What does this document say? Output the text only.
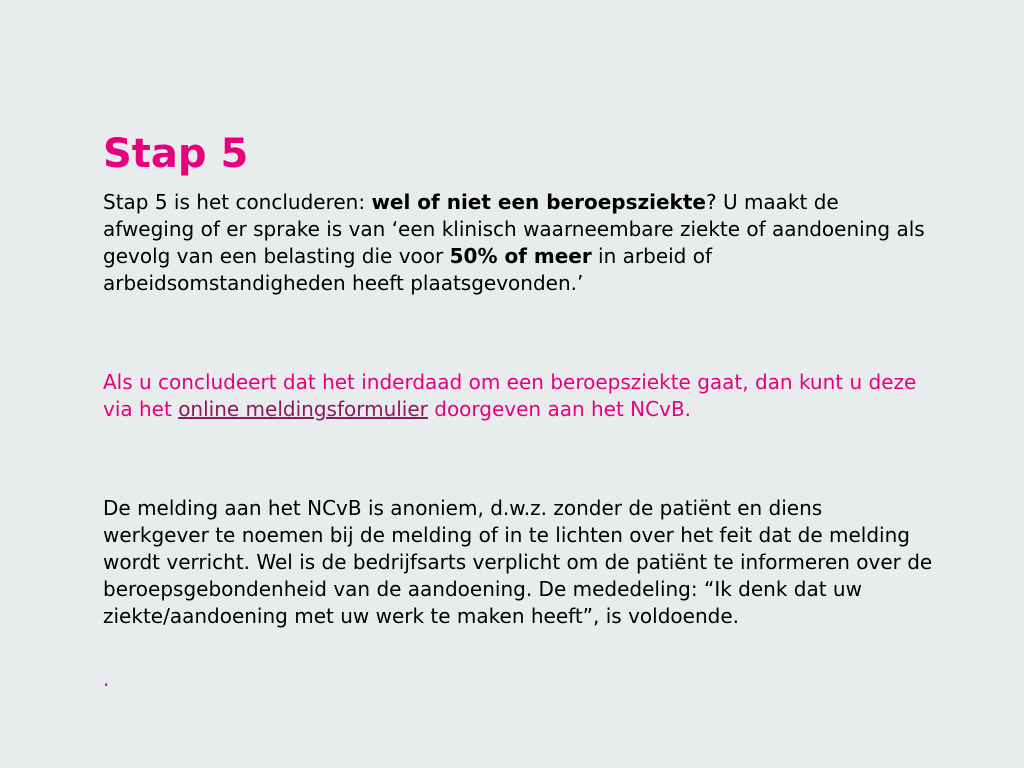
Stap 5

Stap 5 is het concluderen: wel of niet een beroepsziekte? U maakt de afweging of er sprake is van ‘een klinisch waarneembare ziekte of aandoening als gevolg van een belasting die voor 50% of meer in arbeid of arbeidsomstandigheden heeft plaatsgevonden.’

Als u concludeert dat het inderdaad om een beroepsziekte gaat, dan kunt u deze via het online meldingsformulier doorgeven aan het NCvB.

De melding aan het NCvB is anoniem, d.w.z. zonder de patiënt en diens werkgever te noemen bij de melding of in te lichten over het feit dat de melding wordt verricht. Wel is de bedrijfsarts verplicht om de patiënt te informeren over de beroepsgebondenheid van de aandoening. De mededeling: “Ik denk dat uw ziekte/aandoening met uw werk te maken heeft”, is voldoende.

.
